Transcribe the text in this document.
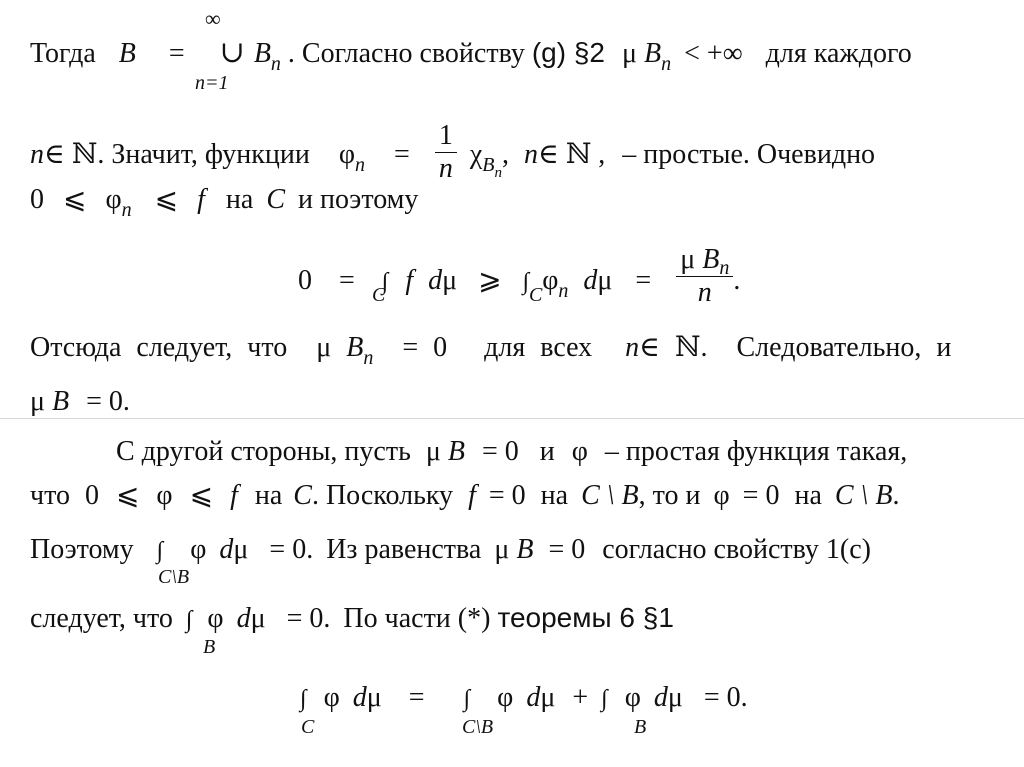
Тогда B = ∪ $B_n$ . Согласно свойству (g) §2 μ $B_n$ < +∞ для каждого
∞
n=1
n∈ ℕ. Значит, функции $\varphi_n = \frac{1}{n} \chi_{B_n}$, n∈ ℕ , – простые. Очевидно
0 ⩽ $\varphi_n$ ⩽ f на C и поэтому
0 = ∫ f dμ ⩾ ∫ $\varphi_n$ $d\mu = \frac{\mu B_n}{n}$ .
C	C
Отсюда следует, что μ $B_n = 0$ для всех n∈ ℕ. Следовательно, и
μ B = 0.
С другой стороны, пусть μ B = 0 и φ – простая функция такая,
что 0 ⩽ φ ⩽ f на C. Поскольку f = 0 на C \ B, то и φ = 0 на C \ B.
Поэтому ∫ φ dμ = 0. Из равенства μ B = 0 согласно свойству 1(c)
C\B
следует, что ∫ φ dμ = 0. По части (*) теоремы 6 §1
B
∫ φ dμ = ∫ φ dμ + ∫ φ dμ = 0.
C	C\B	B
